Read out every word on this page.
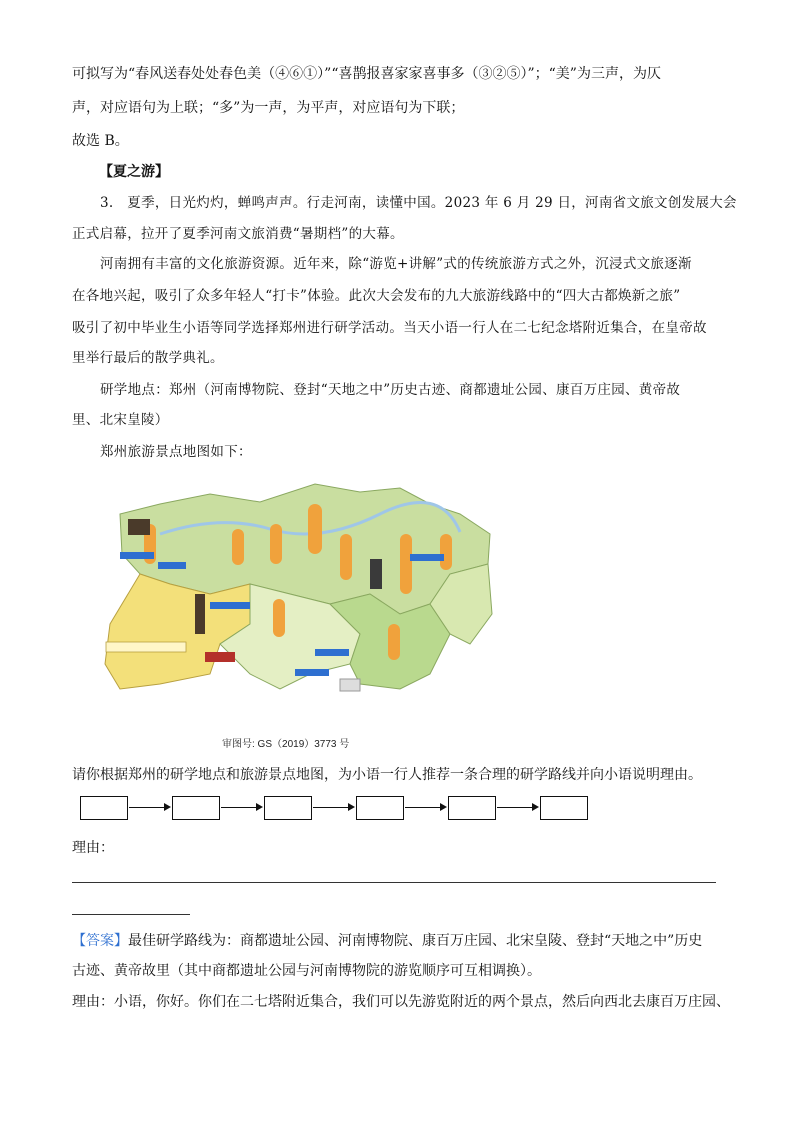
可拟写为“春风送春处处春色美（④⑥①）”“喜鹊报喜家家喜事多（③②⑤）”；“美”为三声，为仄
声，对应语句为上联；“多”为一声，为平声，对应语句为下联；
故选 B。
【夏之游】
3.　夏季，日光灼灼，蝉鸣声声。行走河南，读懂中国。2023 年 6 月 29 日，河南省文旅文创发展大会
正式启幕，拉开了夏季河南文旅消费“暑期档”的大幕。
河南拥有丰富的文化旅游资源。近年来，除“游览+讲解”式的传统旅游方式之外，沉浸式文旅逐渐
在各地兴起，吸引了众多年轻人“打卡”体验。此次大会发布的九大旅游线路中的“四大古都焕新之旅”
吸引了初中毕业生小语等同学选择郑州进行研学活动。当天小语一行人在二七纪念塔附近集合，在皇帝故
里举行最后的散学典礼。
研学地点：郑州（河南博物院、登封“天地之中”历史古迹、商都遗址公园、康百万庄园、黄帝故
里、北宋皇陵）
郑州旅游景点地图如下：
审图号: GS（2019）3773 号
请你根据郑州的研学地点和旅游景点地图，为小语一行人推荐一条合理的研学路线并向小语说明理由。
理由：
【答案】最佳研学路线为：商都遗址公园、河南博物院、康百万庄园、北宋皇陵、登封“天地之中”历史
古迹、黄帝故里（其中商都遗址公园与河南博物院的游览顺序可互相调换）。
理由：小语，你好。你们在二七塔附近集合，我们可以先游览附近的两个景点，然后向西北去康百万庄园、
